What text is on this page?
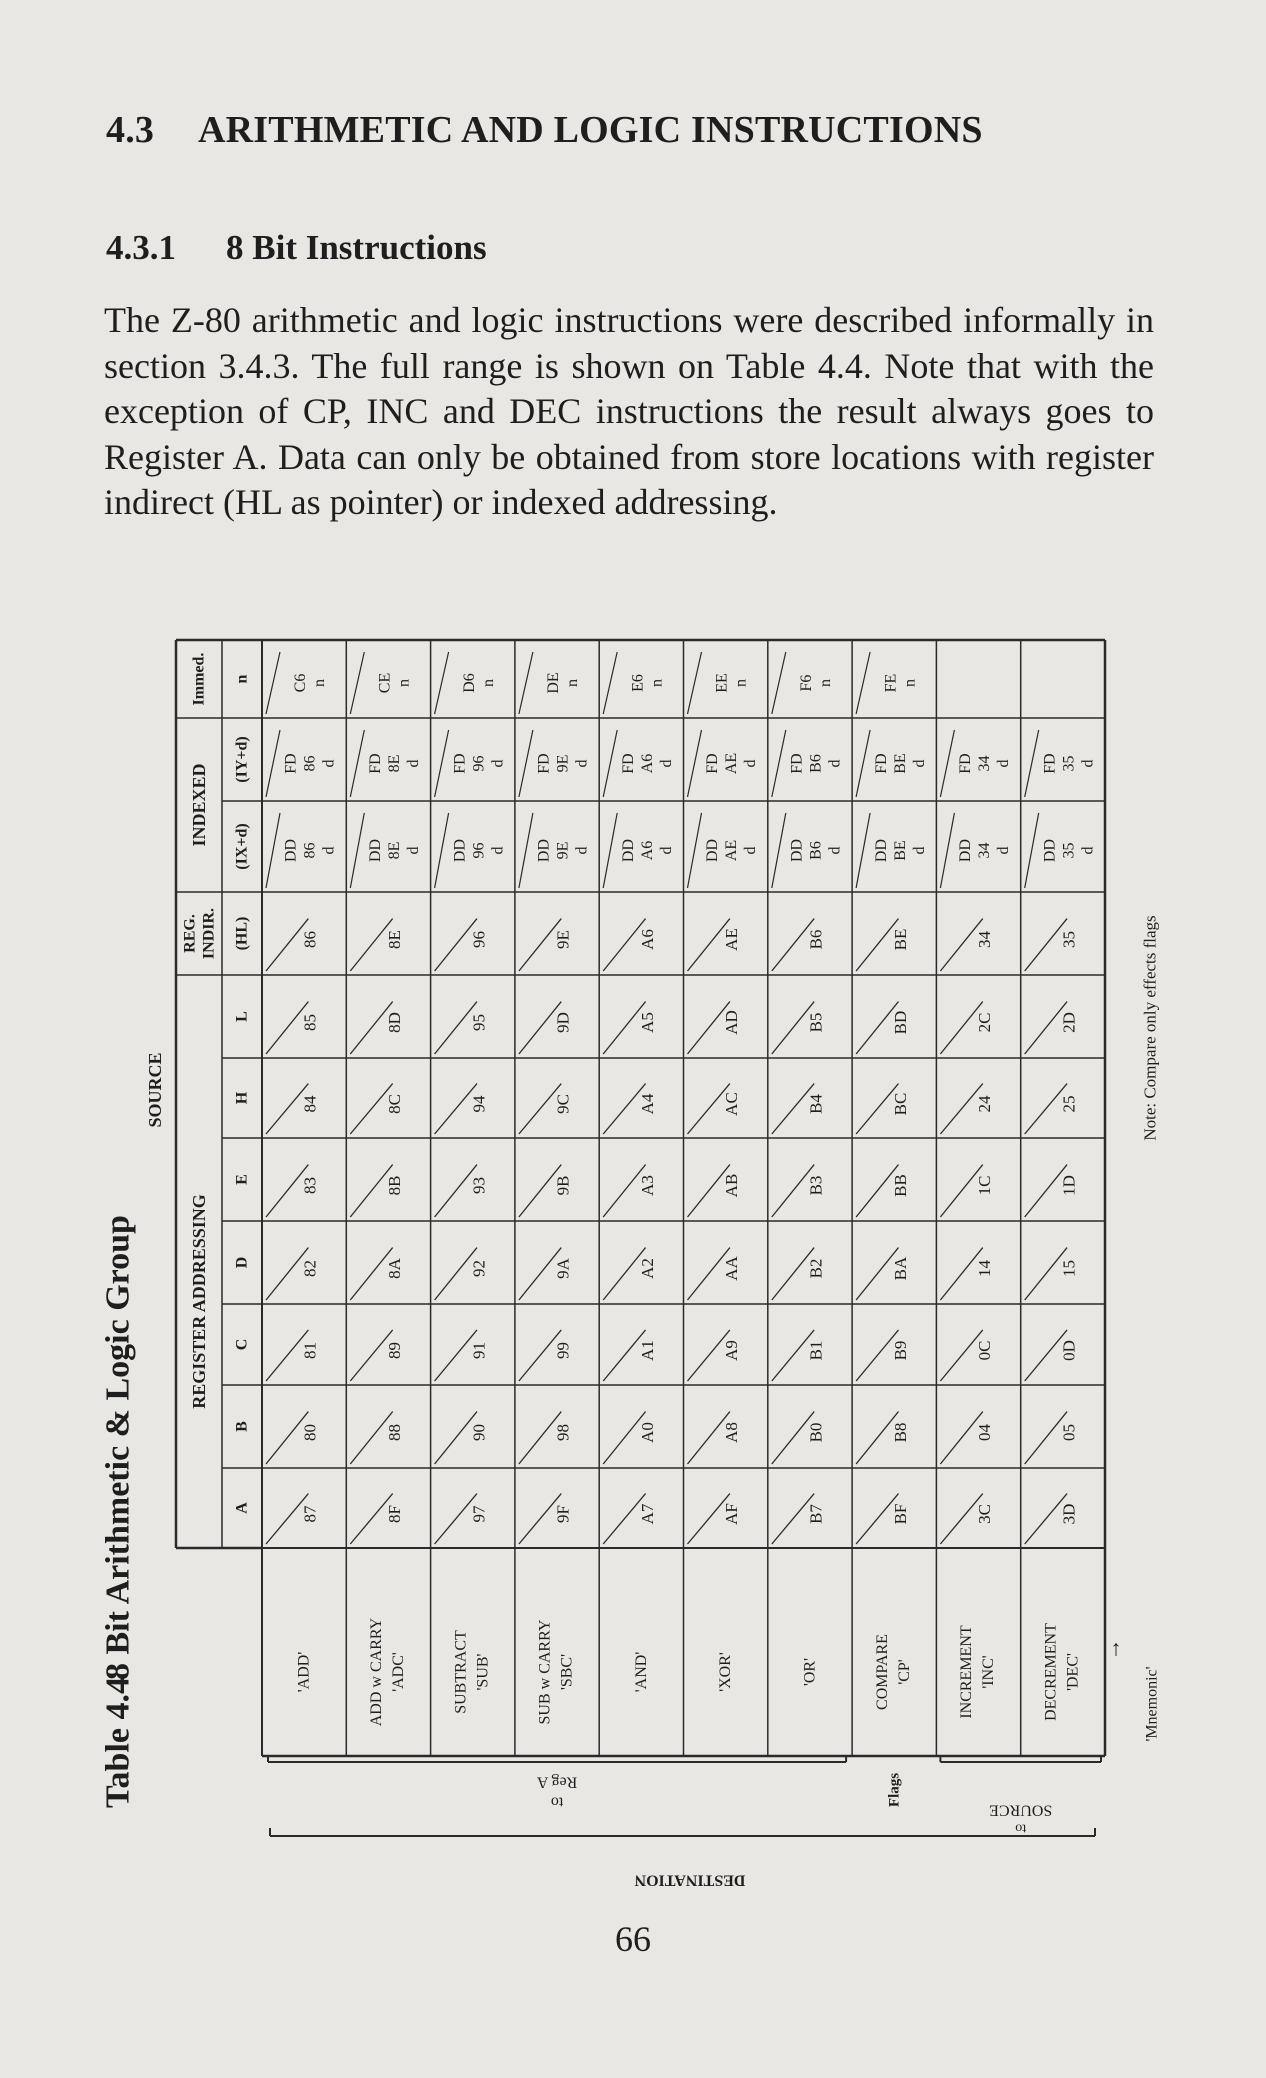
4.3 ARITHMETIC AND LOGIC INSTRUCTIONS
4.3.1 8 Bit Instructions
The Z-80 arithmetic and logic instructions were described informally in section 3.4.3. The full range is shown on Table 4.4. Note that with the exception of CP, INC and DEC instructions the result always goes to Register A. Data can only be obtained from store locations with register indirect (HL as pointer) or indexed addressing.
REGISTER ADDRESSING
REG. INDIR.
INDEXED
Immed.
SOURCE
A
B
C
D
E
H
L
(HL)
(IX+d)
(IY+d)
n
87
80
81
82
83
84
85
86
DD 86 d
FD 86 d
C6 n
'ADD'
8F
88
89
8A
8B
8C
8D
8E
DD 8E d
FD 8E d
CE n
ADD w CARRY 'ADC'
97
90
91
92
93
94
95
96
DD 96 d
FD 96 d
D6 n
SUBTRACT 'SUB'
9F
98
99
9A
9B
9C
9D
9E
DD 9E d
FD 9E d
DE n
SUB w CARRY 'SBC'
A7
A0
A1
A2
A3
A4
A5
A6
DD A6 d
FD A6 d
E6 n
'AND'
AF
A8
A9
AA
AB
AC
AD
AE
DD AE d
FD AE d
EE n
'XOR'
B7
B0
B1
B2
B3
B4
B5
B6
DD B6 d
FD B6 d
F6 n
'OR'
BF
B8
B9
BA
BB
BC
BD
BE
DD BE d
FD BE d
FE n
COMPARE 'CP'
3C
04
0C
14
1C
24
2C
34
DD 34 d
FD 34 d
INCREMENT 'INC'
3D
05
0D
15
1D
25
2D
35
DD 35 d
FD 35 d
DECREMENT 'DEC'
Table 4.4
8 Bit Arithmetic & Logic Group	↑
'Mnemonic'
Note: Compare only effects flags
Reg A
to	Flags
SOURCE
to
DESTINATION
66
